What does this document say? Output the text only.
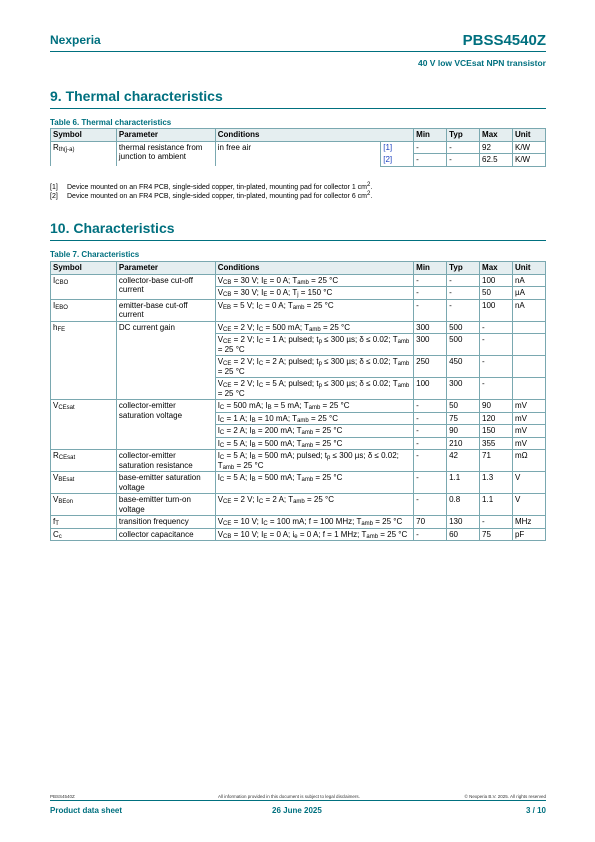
Nexperia	PBSS4540Z
40 V low VCEsat NPN transistor
9. Thermal characteristics
Table 6. Thermal characteristics
Symbol	Parameter	Conditions		Min	Typ	Max	Unit
$R_{th(j-a)}$	thermal resistance from junction to ambient	in free air	[1]	-	-	92	K/W
			[2]	-	-	62.5	K/W
[1] Device mounted on an FR4 PCB, single-sided copper, tin-plated, mounting pad for collector 1 $cm^2$.
[2] Device mounted on an FR4 PCB, single-sided copper, tin-plated, mounting pad for collector 6 $cm^2$.
10. Characteristics
Table 7. Characteristics
Symbol	Parameter	Conditions	Min	Typ	Max	Unit
$I_{CBO}$	collector-base cut-off current	$V_{CB} = 30$ V; $I_E = 0$ A; $T_{amb} = 25$ °C	-	-	100	nA
		$V_{CB} = 30$ V; $I_E = 0$ A; $T_j = 150$ °C	-	-	50	µA
$I_{EBO}$	emitter-base cut-off current	$V_{EB} = 5$ V; $I_C = 0$ A; $T_{amb} = 25$ °C	-	-	100	nA
$h_{FE}$	DC current gain	$V_{CE} = 2$ V; $I_C = 500$ mA; $T_{amb} = 25$ °C	300	500	-	
		$V_{CE} = 2$ V; $I_C = 1$ A; pulsed; $t_p \le 300$ µs; δ ≤ 0.02; $T_{amb} = 25$ °C	300	500	-	
		$V_{CE} = 2$ V; $I_C = 2$ A; pulsed; $t_p \le 300$ µs; δ ≤ 0.02; $T_{amb} = 25$ °C	250	450	-	
		$V_{CE} = 2$ V; $I_C = 5$ A; pulsed; $t_p \le 300$ µs; δ ≤ 0.02; $T_{amb} = 25$ °C	100	300	-	
$V_{CEsat}$	collector-emitter saturation voltage	$I_C = 500$ mA; $I_B = 5$ mA; $T_{amb} = 25$ °C	-	50	90	mV
		$I_C = 1$ A; $I_B = 10$ mA; $T_{amb} = 25$ °C	-	75	120	mV
		$I_C = 2$ A; $I_B = 200$ mA; $T_{amb} = 25$ °C	-	90	150	mV
		$I_C = 5$ A; $I_B = 500$ mA; $T_{amb} = 25$ °C	-	210	355	mV
$R_{CEsat}$	collector-emitter saturation resistance	$I_C = 5$ A; $I_B = 500$ mA; pulsed; $t_p \le 300$ µs; δ ≤ 0.02; $T_{amb} = 25$ °C	-	42	71	mΩ
$V_{BEsat}$	base-emitter saturation voltage	$I_C = 5$ A; $I_B = 500$ mA; $T_{amb} = 25$ °C	-	1.1	1.3	V
$V_{BEon}$	base-emitter turn-on voltage	$V_{CE} = 2$ V; $I_C = 2$ A; $T_{amb} = 25$ °C	-	0.8	1.1	V
$f_T$	transition frequency	$V_{CE} = 10$ V; $I_C = 100$ mA; f = 100 MHz; $T_{amb} = 25$ °C	70	130	-	MHz
$C_c$	collector capacitance	$V_{CB} = 10$ V; $I_E = 0$ A; $i_e = 0$ A; f = 1 MHz; $T_{amb} = 25$ °C	-	60	75	pF
PBSS4540Z	All information provided in this document is subject to legal disclaimers.	© Nexperia B.V. 2025. All rights reserved
Product data sheet	26 June 2025	3 / 10
